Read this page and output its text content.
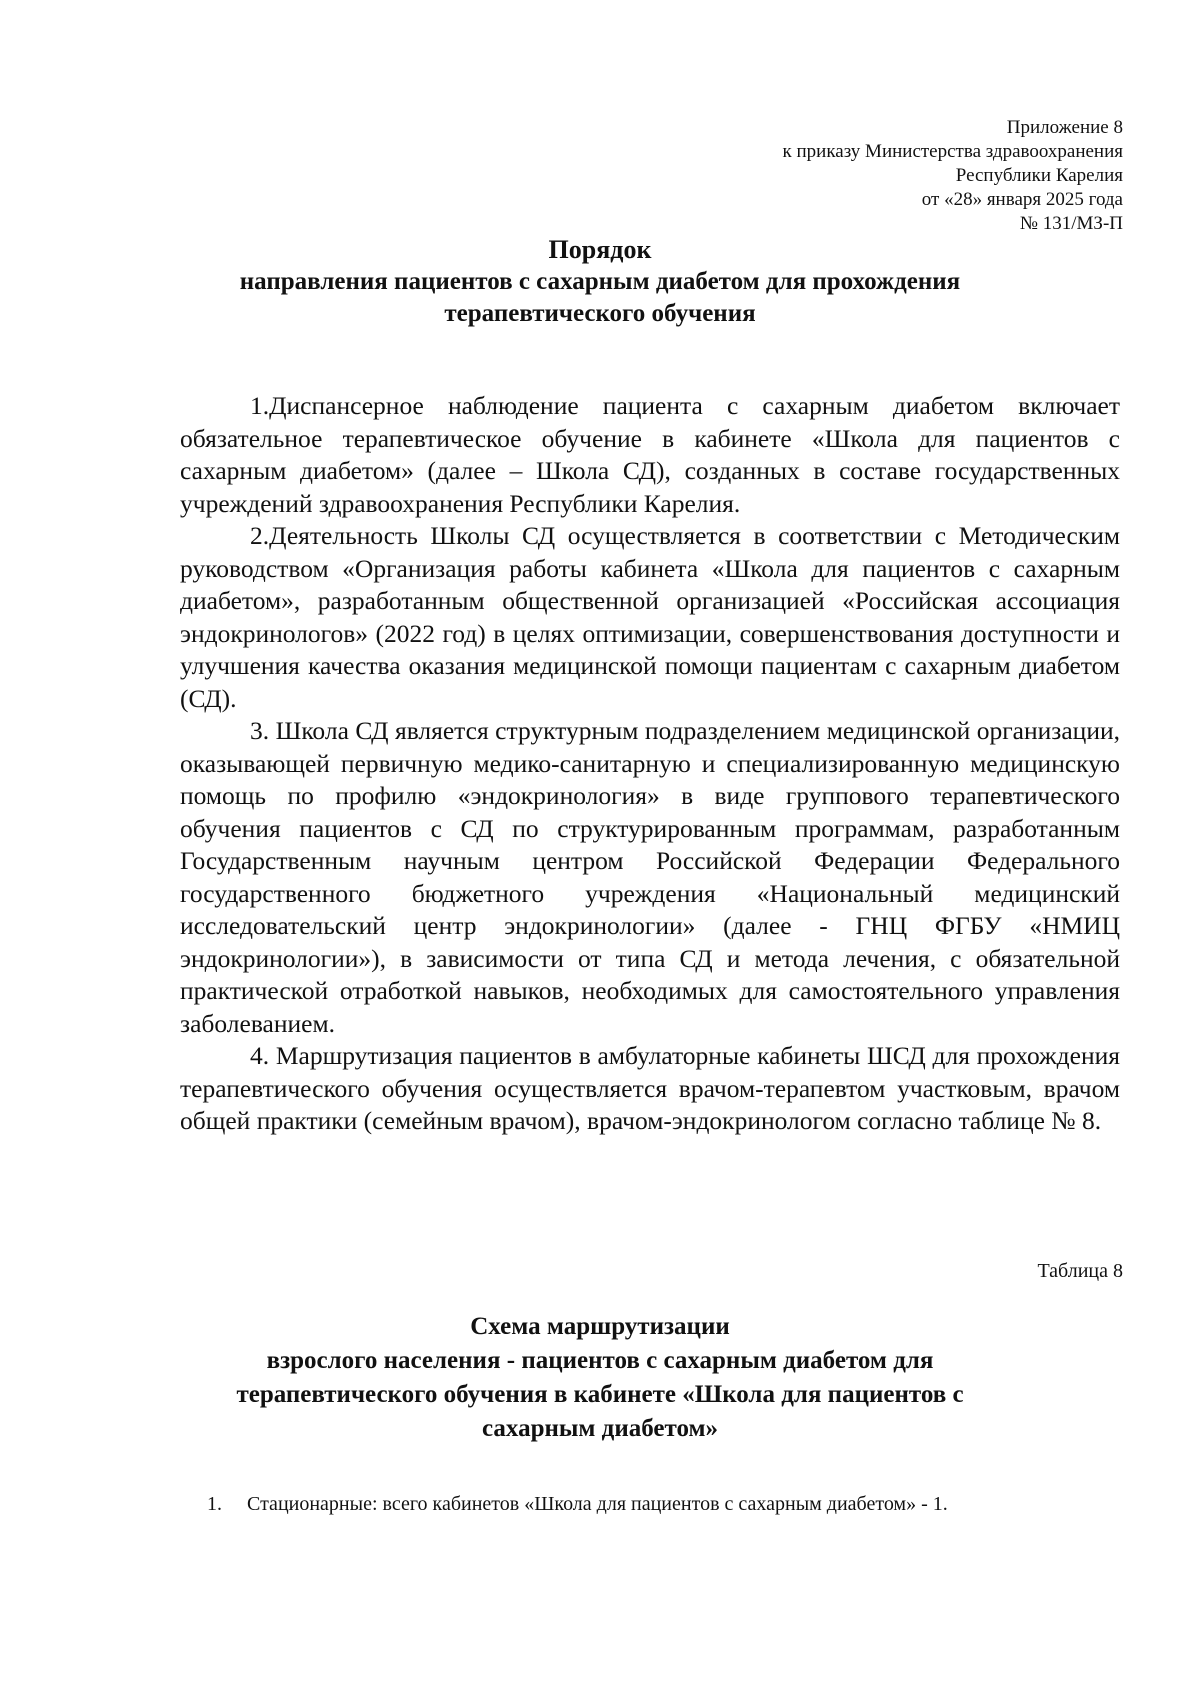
Приложение 8
к приказу Министерства здравоохранения
Республики Карелия
от «28» января 2025 года
№ 131/МЗ-П
Порядок
направления пациентов с сахарным диабетом для прохождения
терапевтического обучения

1.Диспансерное наблюдение пациента с сахарным диабетом включает обязательное терапевтическое обучение в кабинете «Школа для пациентов с сахарным диабетом» (далее – Школа СД), созданных в составе государственных учреждений здравоохранения Республики Карелия.

2.Деятельность Школы СД осуществляется в соответствии с Методическим руководством «Организация работы кабинета «Школа для пациентов с сахарным диабетом», разработанным общественной организацией «Российская ассоциация эндокринологов» (2022 год) в целях оптимизации, совершенствования доступности и улучшения качества оказания медицинской помощи пациентам с сахарным диабетом (СД).

3. Школа СД является структурным подразделением медицинской организации, оказывающей первичную медико-санитарную и специализированную медицинскую помощь по профилю «эндокринология» в виде группового терапевтического обучения пациентов с СД по структурированным программам, разработанным Государственным научным центром Российской Федерации Федерального государственного бюджетного учреждения «Национальный медицинский исследовательский центр эндокринологии» (далее - ГНЦ ФГБУ «НМИЦ эндокринологии»), в зависимости от типа СД и метода лечения, с обязательной практической отработкой навыков, необходимых для самостоятельного управления заболеванием.

4. Маршрутизация пациентов в амбулаторные кабинеты ШСД для прохождения терапевтического обучения осуществляется врачом-терапевтом участковым, врачом общей практики (семейным врачом), врачом-эндокринологом согласно таблице № 8.

Таблица 8
Схема маршрутизации
взрослого населения - пациентов с сахарным диабетом для
терапевтического обучения в кабинете «Школа для пациентов с
сахарным диабетом»
1. Стационарные: всего кабинетов «Школа для пациентов с сахарным диабетом» - 1.
